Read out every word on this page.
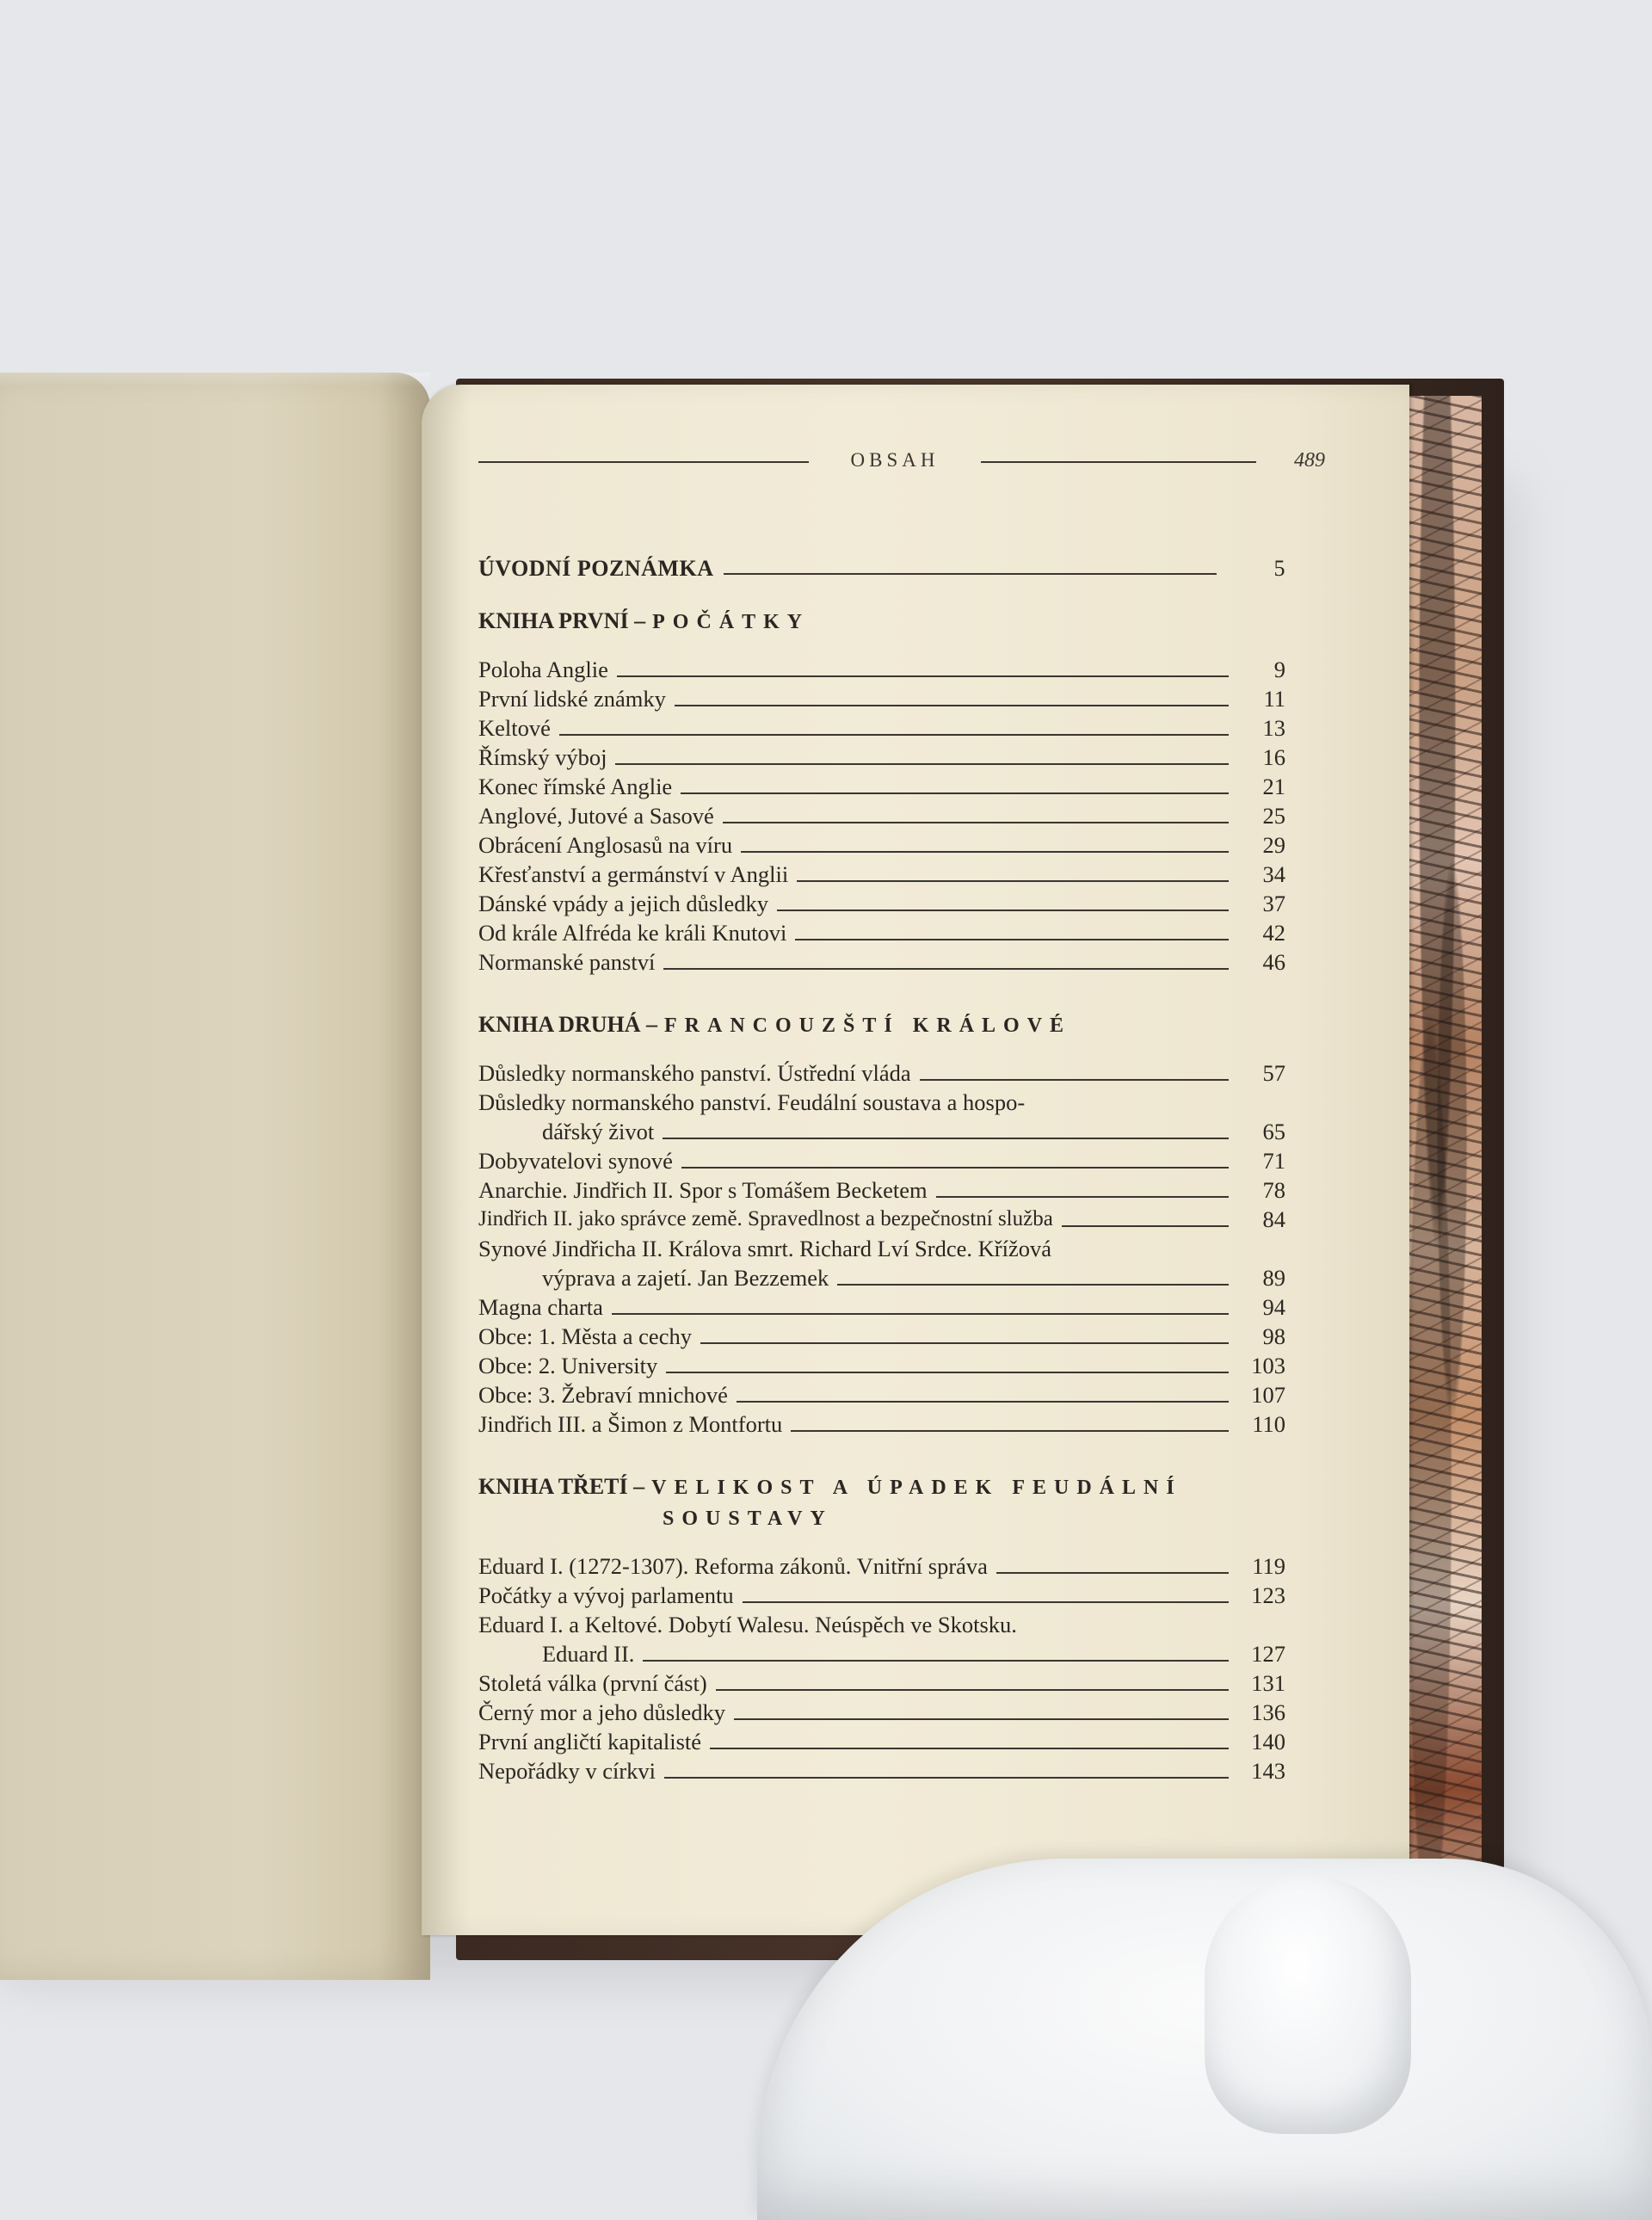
OBSAH	489
ÚVODNÍ POZNÁMKA	5
KNIHA PRVNÍ – POČÁTKY
Poloha Anglie	9
První lidské známky	11
Keltové	13
Římský výboj	16
Konec římské Anglie	21
Anglové, Jutové a Sasové	25
Obrácení Anglosasů na víru	29
Křesťanství a germánství v Anglii	34
Dánské vpády a jejich důsledky	37
Od krále Alfréda ke králi Knutovi	42
Normanské panství	46
KNIHA DRUHÁ – FRANCOUZŠTÍ KRÁLOVÉ
Důsledky normanského panství. Ústřední vláda	57
Důsledky normanského panství. Feudální soustava a hospo-
dářský život	65
Dobyvatelovi synové	71
Anarchie. Jindřich II. Spor s Tomášem Becketem	78
Jindřich II. jako správce země. Spravedlnost a bezpečnostní služba	84
Synové Jindřicha II. Králova smrt. Richard Lví Srdce. Křížová
výprava a zajetí. Jan Bezzemek	89
Magna charta	94
Obce: 1. Města a cechy	98
Obce: 2. University	103
Obce: 3. Žebraví mnichové	107
Jindřich III. a Šimon z Montfortu	110
KNIHA TŘETÍ – VELIKOST A ÚPADEK FEUDÁLNÍ
SOUSTAVY
Eduard I. (1272-1307). Reforma zákonů. Vnitřní správa	119
Počátky a vývoj parlamentu	123
Eduard I. a Keltové. Dobytí Walesu. Neúspěch ve Skotsku.
Eduard II.	127
Stoletá válka (první část)	131
Černý mor a jeho důsledky	136
První angličtí kapitalisté	140
Nepořádky v církvi	143
